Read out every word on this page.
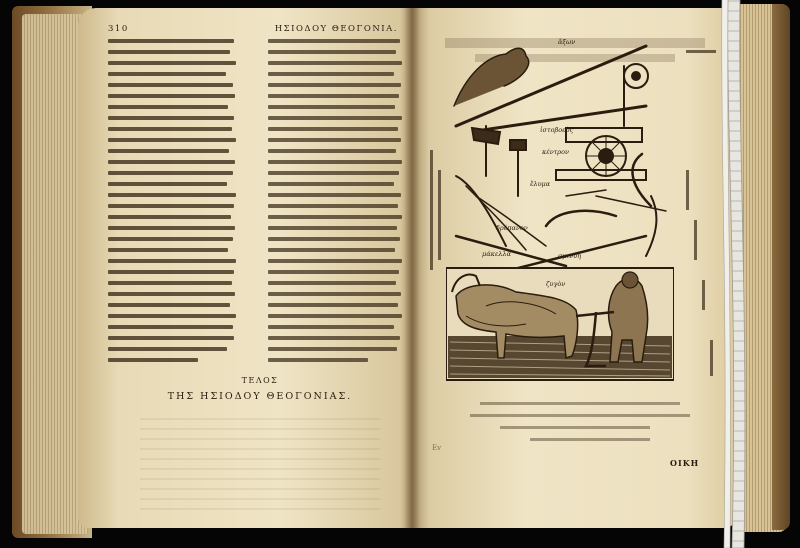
310	ΗΣΙΟΔΟΥ ΘΕΟΓΟΝΙΑ.
ΤΕΛΟΣ
ΤΗΣ ΗΣΙΟΔΟΥ ΘΕΟΓΟΝΙΑΣ.
ἄξων
ἱστοβοεὺς
κέντρον
ἔλυμα
δρέπανον
σμινύη
ζυγὸν
μάκελλα
Ev
ΟΙΚΗ
